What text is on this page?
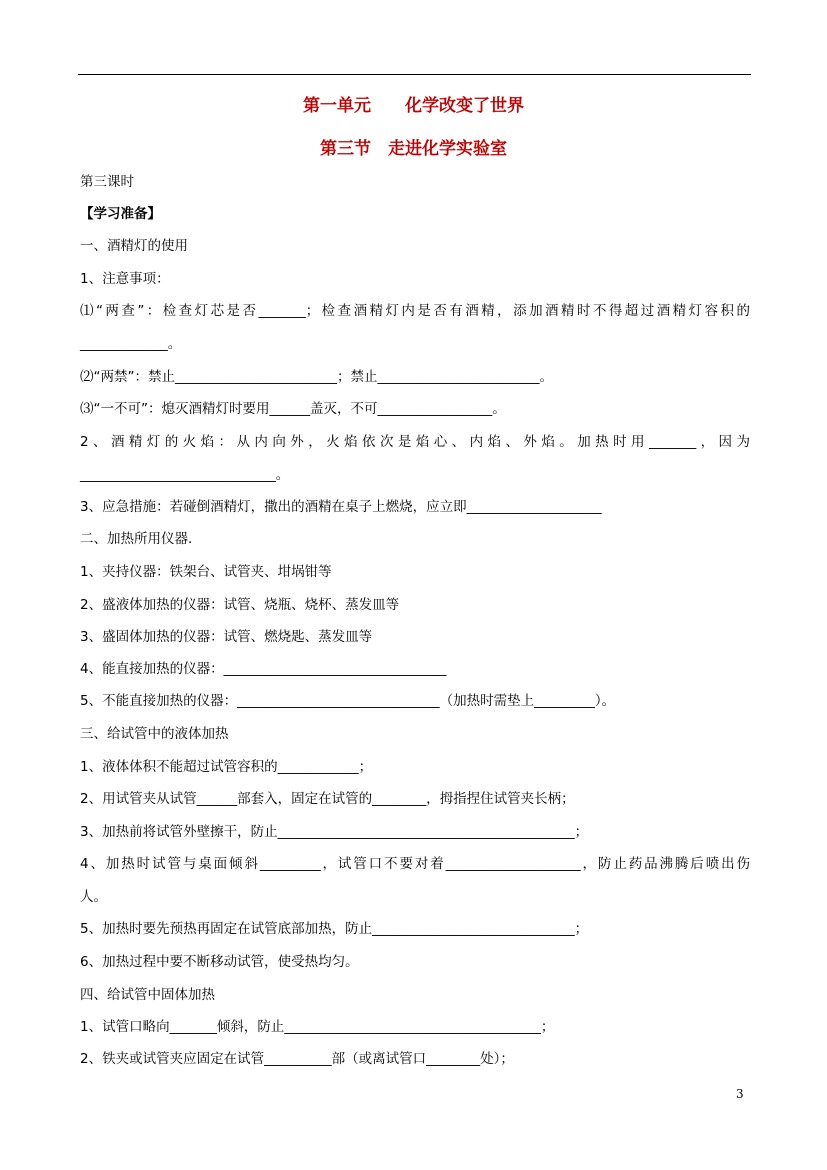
第一单元　　化学改变了世界
第三节　走进化学实验室
第三课时
【学习准备】
一、酒精灯的使用
1、注意事项：
⑴“两查”：检查灯芯是否_______；检查酒精灯内是否有酒精，添加酒精时不得超过酒精灯容积的
_____________。
⑵“两禁”：禁止________________________；禁止________________________。
⑶“一不可”：熄灭酒精灯时要用______盖灭，不可_________________。
2、酒精灯的火焰：从内向外，火焰依次是焰心、内焰、外焰。加热时用_______，因为
_____________________________。
3、应急措施：若碰倒酒精灯，撒出的酒精在桌子上燃烧，应立即____________________
二、加热所用仪器.
1、夹持仪器：铁架台、试管夹、坩埚钳等
2、盛液体加热的仪器：试管、烧瓶、烧杯、蒸发皿等
3、盛固体加热的仪器：试管、燃烧匙、蒸发皿等
4、能直接加热的仪器：_________________________________
5、不能直接加热的仪器：______________________________（加热时需垫上_________）。
三、给试管中的液体加热
1、液体体积不能超过试管容积的____________；
2、用试管夹从试管______部套入，固定在试管的________，拇指捏住试管夹长柄；
3、加热前将试管外壁擦干，防止____________________________________________；
4、加热时试管与桌面倾斜_________，试管口不要对着____________________，防止药品沸腾后喷出伤
人。
5、加热时要先预热再固定在试管底部加热，防止______________________________；
6、加热过程中要不断移动试管，使受热均匀。
四、给试管中固体加热
1、试管口略向_______倾斜，防止______________________________________；
2、铁夹或试管夹应固定在试管__________部（或离试管口________处）；
3
